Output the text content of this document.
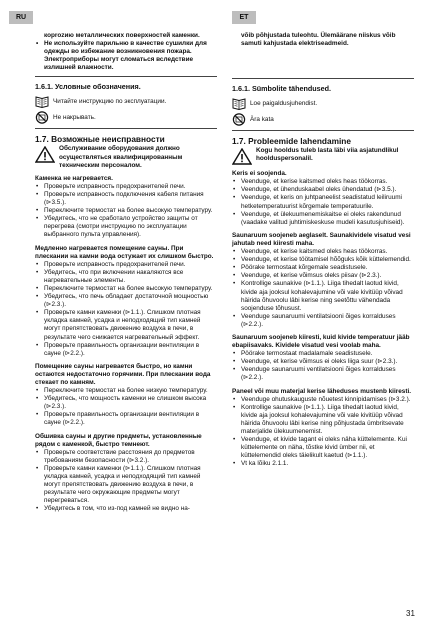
RU	ET
корrozию металлических поверхностей каменки.
• Не используйте парильню в качестве сушилки для одежды во избежание возникновения пожара. Электроприборы могут сломаться вследствие излишней влажности.
1.6.1. Условные обозначения.
Читайте инструкцию по эксплуатации.
Не накрывать.
1.7. Возможные неисправности
Обслуживание оборудования должно осуществляться квалифицированным техническим персоналом.
Каменка не нагревается.
• Проверьте исправность предохранителей печи.
• Проверьте исправность подключения кабеля питания (⊳3.5.).
• Переключите термостат на более высокую температуру.
• Убедитесь, что не сработало устройство защиты от перегрева (смотри инструкцию по эксплуатации выбранного пульта управления).
Медленно нагревается помещение сауны. При плескании на камни вода остужает их слишком быстро.
• Проверьте исправность предохранителей печи.
• Убедитесь, что при включении накаляются все нагревательные элементы.
• Переключите термостат на более высокую температуру.
• Убедитесь, что печь обладает достаточной мощностью (⊳2.3.).
• Проверьте камни каменки (⊳1.1.). Слишком плотная укладка камней, усадка и неподходящий тип камней могут препятствовать движению воздуха в печи, в результате чего снижается нагревательный эффект.
• Проверьте правильность организации вентиляции в сауне (⊳2.2.).
Помещение сауны нагревается быстро, но камни остаются недостаточно горячими. При плескании вода стекает по камням.
• Переключите термостат на более низкую температуру.
• Убедитесь, что мощность каменки не слишком высока (⊳2.3.).
• Проверьте правильность организации вентиляции в сауне (⊳2.2.).
Обшивка сауны и другие предметы, установленные рядом с каменкой, быстро темнеют.
• Проверьте соответствие расстояния до предметов требованиям безопасности (⊳3.2.).
• Проверьте камни каменки (⊳1.1.). Слишком плотная укладка камней, усадка и неподходящий тип камней могут препятствовать движению воздуха в печи, в результате чего окружающие предметы могут перегреваться.
• Убедитесь в том, что из-под камней не видно на-
võib põhjustada tuleohtu. Ülemäärane niiskus võib samuti kahjustada elektriseadmeid.
1.6.1. Sümbolite tähendused.
Loe paigaldusjuhendist.
Ära kata
1.7. Probleemide lahendamine
Kogu hooldus tuleb lasta läbi viia asjatundlikul hoolduspersonalil.
Keris ei soojenda.
• Veenduge, et kerise kaitsmed oleks heas töökorras.
• Veenduge, et ühenduskaabel oleks ühendatud (⊳3.5.).
• Veenduge, et keris on juhtpaneelist seadistatud leiliruumi hetketemperatuurist kõrgemale temperatuurile.
• Veenduge, et ülekuumenemiskaitse ei oleks rakendunud (vaadake valitud juhtimiskeskuse mudeli kasutusjuhiseid).
Saunaruum soojeneb aeglaselt. Saunakividele visatud vesi jahutab need kiiresti maha.
• Veenduge, et kerise kaitsmed oleks heas töökorras.
• Veenduge, et kerise töötamisel hõõguks kõik küttelemendid.
• Pöörake termostaat kõrgemale seadistusele.
• Veenduge, et kerise võimsus oleks piisav (⊳2.3.).
• Kontrollige saunakive (⊳1.1.). Liiga tihedalt laotud kivid, kivide aja jooksul kohalevajumine või vale kivitüüp võivad häirida õhuvoolu läbi kerise ning seetõttu vähendada soojenduse tõhusust.
• Veenduge saunaruumi ventilatsiooni õiges korralduses (⊳2.2.).
Saunaruum soojeneb kiiresti, kuid kivide temperatuur jääb ebapiisavaks. Kividele visatud vesi voolab maha.
• Pöörake termostaat madalamale seadistusele.
• Veenduge, et kerise võimsus ei oleks liiga suur (⊳2.3.).
• Veenduge saunaruumi ventilatsiooni õiges korralduses (⊳2.2.).
Paneel või muu materjal kerise läheduses mustenb kiiresti.
• Veenduge ohutuskauguste nõuetest kinnipidamises (⊳3.2.).
• Kontrollige saunakive (⊳1.1.). Liiga tihedalt laotud kivid, kivide aja jooksul kohalevajumine või vale kivitüüp võivad häirida õhuvoolu läbi kerise ning põhjustada ümbritsevate materjalide ülekuumenemist.
• Veenduge, et kivide tagant ei oleks näha küttelemente. Kui küttelemente on näha, tõstke kivid ümber nii, et küttelemendid oleks täielikult kaetud (⊳1.1.).
• Vt ka lõiku 2.1.1.
31
